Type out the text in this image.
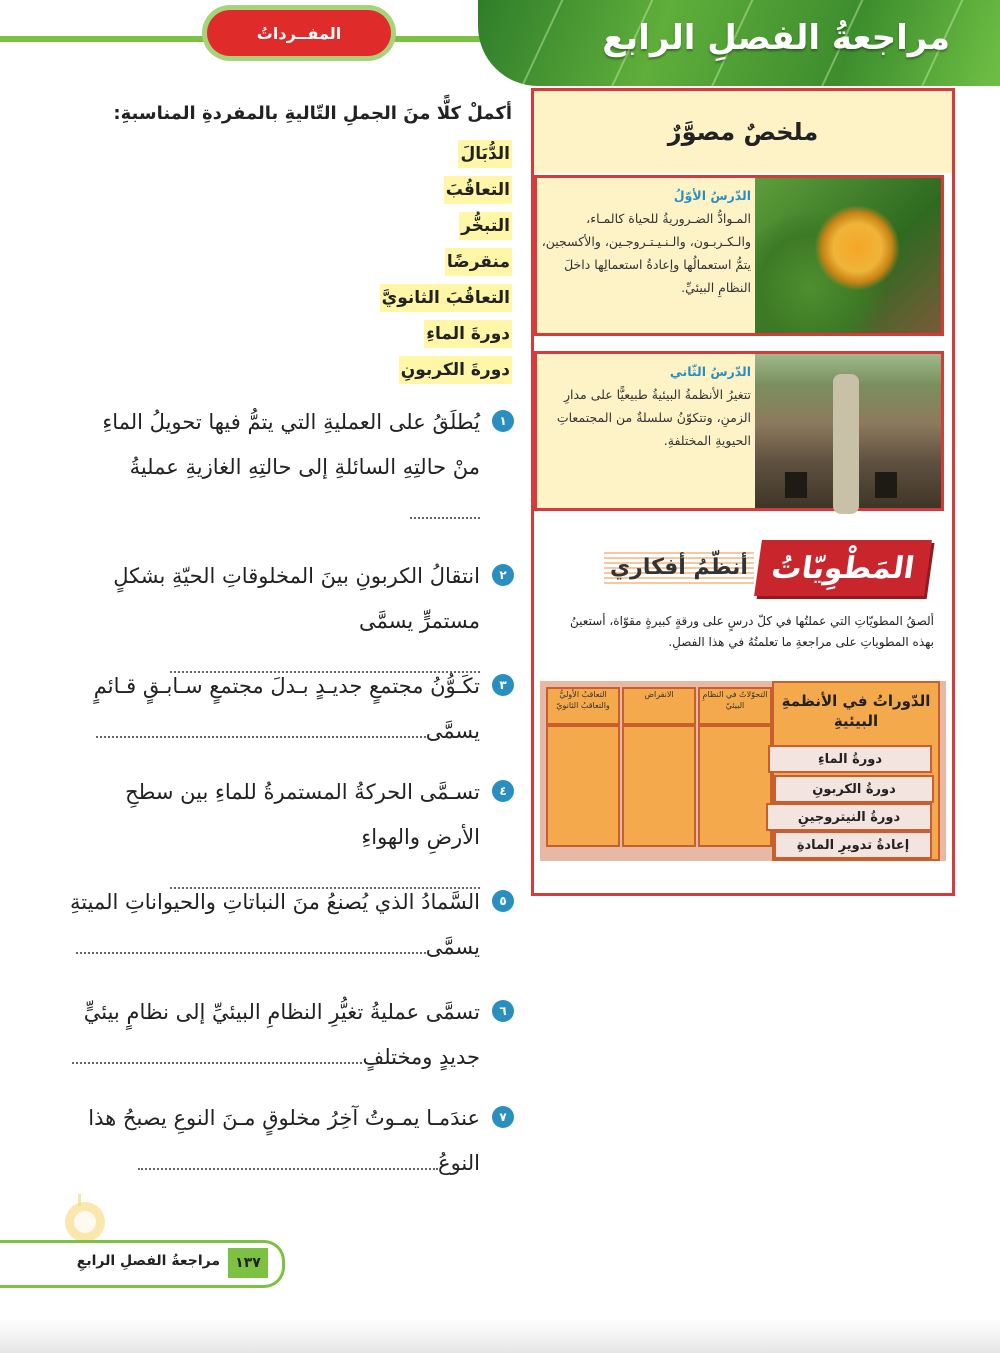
المفــرداتُ	مراجعةُ الفصلِ الرابع
ملخصٌ مصوَّرٌ
الدّرسُ الأوّلُ
المـوادُّ الضـروريةُ للحياة كالمـاء، والـكـربـون، والـنـيـتـروجـين، والأكسجين، يتمُّ استعمالُها وإعادةُ استعمالِها داخلَ النظامِ البيئيِّ.
الدّرسُ الثّاني
تتغيرُ الأنظمةُ البيئيةُ طبيعيًّا على مدارِ الزمنِ، وتتكوّنُ سلسلةٌ من المجتمعاتِ الحيويةِ المختلفةِ.
أنظّمُ أفكاري المَطْوِيّاتُ
ألصقُ المطويّاتِ التي عملتُها في كلّ درسٍ على ورقةٍ كبيرةٍ مقوّاة، أستعينُ بهذه المطوياتِ على مراجعةِ ما تعلمتُهُ في هذا الفصلِ.
التحوّلاتُ في النظامِ البيئيّ
الانقراض
التعاقبُ الأوليُّ والتعاقبُ الثانويّ	الدّوراتُ في الأنظمةِ البيئيةِ
دورةُ الماءِ
دورةُ الكربونِ
دورةُ النيتروجينِ
إعادةُ تدويرِ المادةِ
أكملْ كلًّا منَ الجملِ التّاليةِ بالمفردةِ المناسبةِ:
الدُّبَالَ
التعاقُبَ
التبخُّر
منقرضًا
التعاقُبَ الثانويَّ
دورةَ الماءِ
دورةَ الكربونِ
١
يُطلَقُ على العمليةِ التي يتمُّ فيها تحويلُ الماءِ منْ حالتِهِ السائلةِ إلى حالتِهِ الغازيةِ عمليةُ
٢
انتقالُ الكربونِ بينَ المخلوقاتِ الحيّةِ بشكلٍ مستمرٍّ يسمَّى
٣
تكَـوُّنُ مجتمعٍ جديـدٍ بـدلَ مجتمعٍ سـابـقٍ قـائمٍ يسمَّى
٤
تسـمَّى الحركةُ المستمرةُ للماءِ بين سطحِ الأرضِ والهواءِ
٥
السَّمادُ الذي يُصنعُ منَ النباتاتِ والحيواناتِ الميتةِ يسمَّى
٦
تسمَّى عمليةُ تغيُّرِ النظامِ البيئيِّ إلى نظامٍ بيئيٍّ جديدٍ ومختلفٍ
٧
عندَمـا يمـوتُ آخِرُ مخلوقٍ مـنَ النوعِ يصبحُ هذا النوعُ
١٣٧
مراجعةُ الفصلِ الرابعِ
